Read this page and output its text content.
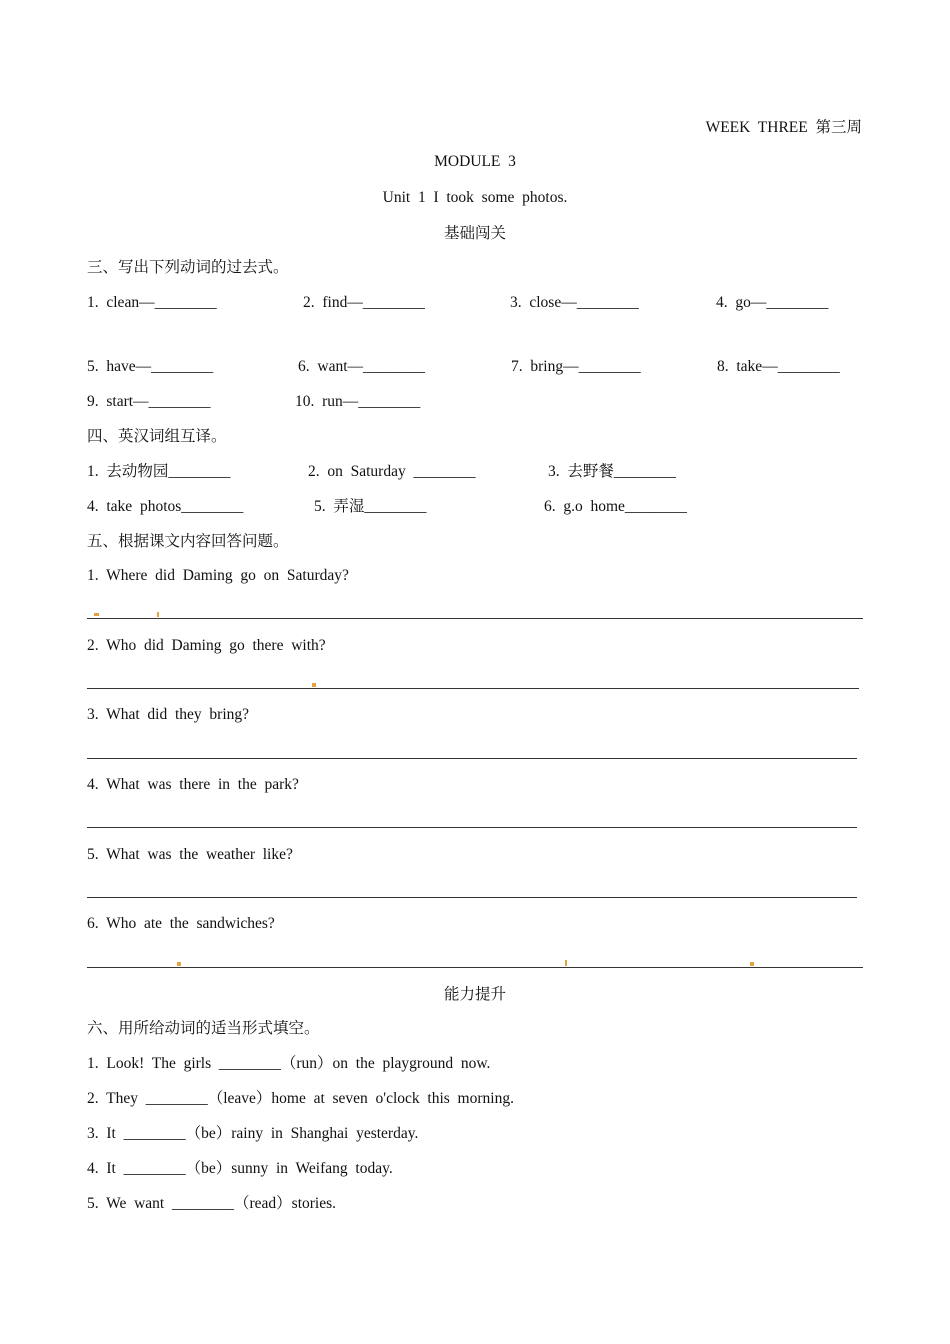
WEEK  THREE  第三周
MODULE  3
Unit  1  I  took  some  photos.
基础闯关
三、写出下列动词的过去式。
1.  clean—________	2.  find—________	3.  close—________	4.  go—________
5.  have—________	6.  want—________	7.  bring—________	8.  take—________
9.  start—________	10.  run—________
四、英汉词组互译。
1.  去动物园________	2.  on  Saturday  ________	3.  去野餐________
4.  take  photos________	5.  弄湿________	6.  g.o  home________
五、根据课文内容回答问题。
1.  Where  did  Daming  go  on  Saturday?
2.  Who  did  Daming  go  there  with?
3.  What  did  they  bring?
4.  What  was  there  in  the  park?
5.  What  was  the  weather  like?
6.  Who  ate  the  sandwiches?
能力提升
六、用所给动词的适当形式填空。
1.  Look!  The  girls  ________（run）on  the  playground  now.
2.  They  ________（leave）home  at  seven  o'clock  this  morning.
3.  It  ________（be）rainy  in  Shanghai  yesterday.
4.  It  ________（be）sunny  in  Weifang  today.
5.  We  want  ________（read）stories.
